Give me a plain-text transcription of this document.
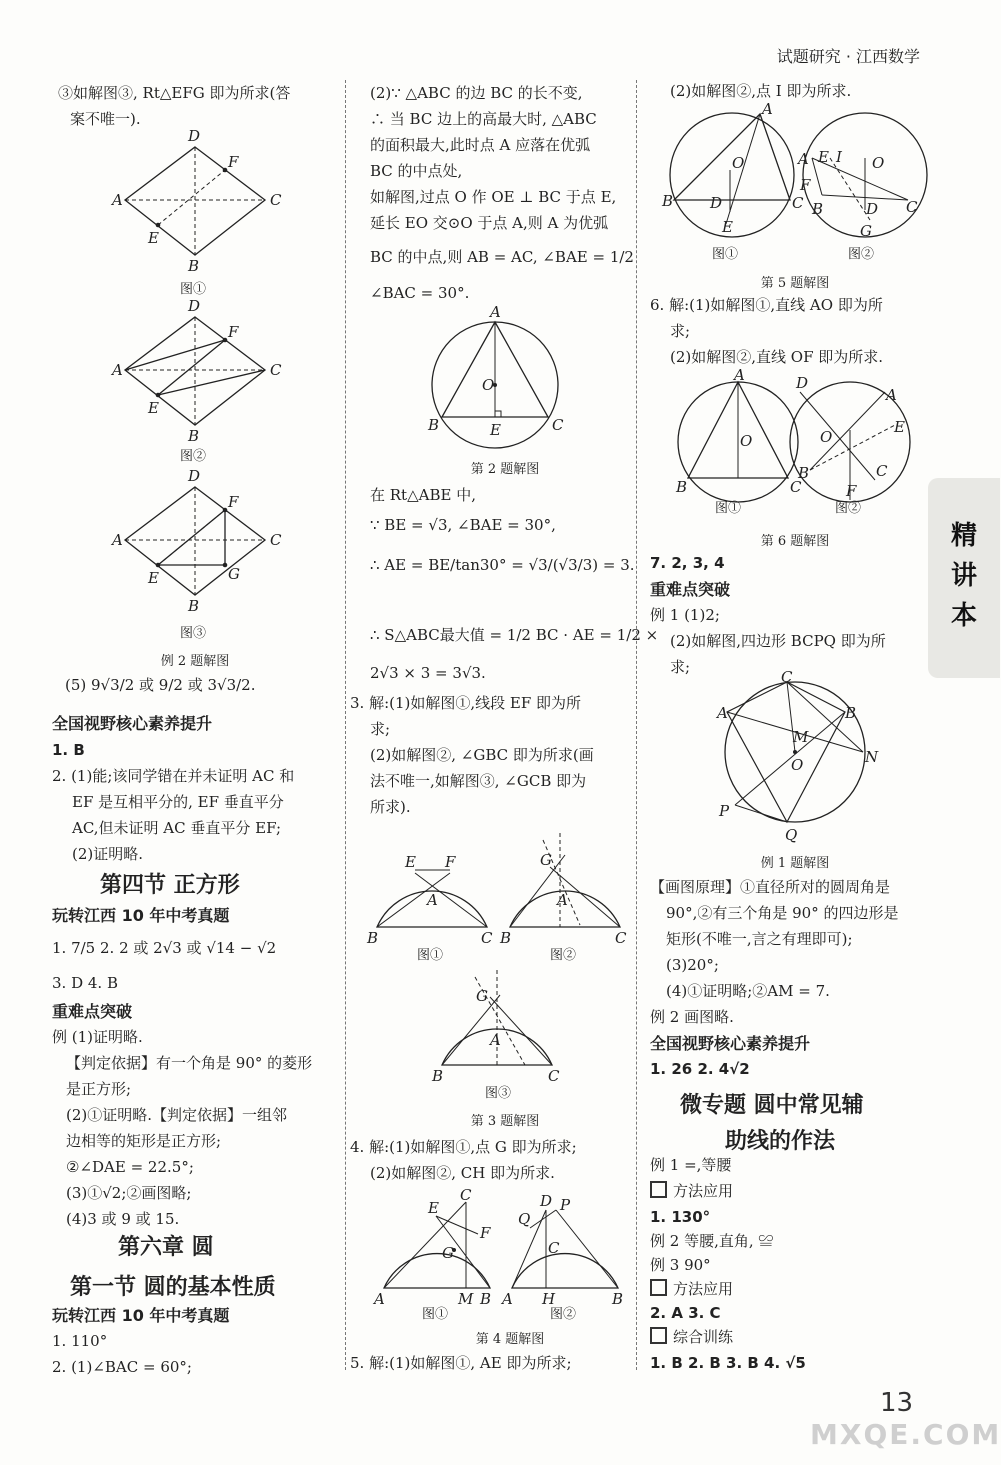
试题研究 · 江西数学
精
讲
本
③如解图③, Rt△EFG 即为所求(答
案不唯一).
D
F
A	C
E
B
图①
D
F
A	C
E
B
图②
D
F
A	C
E	G
B
图③
例 2 题解图
(5) 9√3/2 或 9/2 或 3√3/2.
全国视野核心素养提升
1. B
2. (1)能;该同学错在并未证明 AC 和
EF 是互相平分的, EF 垂直平分
AC,但未证明 AC 垂直平分 EF;
(2)证明略.
第四节 正方形
玩转江西 10 年中考真题
1. 7/5 2. 2 或 2√3 或 √14 − √2
3. D 4. B
重难点突破
例 (1)证明略.
【判定依据】有一个角是 90° 的菱形
是正方形;
(2)①证明略.【判定依据】一组邻
边相等的矩形是正方形;
②∠DAE = 22.5°;
(3)①√2;②画图略;
(4)3 或 9 或 15.
第六章 圆
第一节 圆的基本性质
玩转江西 10 年中考真题
1. 110°
2. (1)∠BAC = 60°;
(2)∵ △ABC 的边 BC 的长不变,
∴ 当 BC 边上的高最大时, △ABC
的面积最大,此时点 A 应落在优弧
BC 的中点处,
如解图,过点 O 作 OE ⊥ BC 于点 E,
延长 EO 交⊙O 于点 A,则 A 为优弧
BC 的中点,则 AB = AC, ∠BAE = 1/2
∠BAC = 30°.
A
O
B	E	C
第 2 题解图
在 Rt△ABE 中,
∵ BE = √3, ∠BAE = 30°,
∴ AE = BE/tan30° = √3/(√3/3) = 3.
∴ S△ABC最大值 = 1/2 BC · AE = 1/2 ×
2√3 × 3 = 3√3.
3. 解:(1)如解图①,线段 EF 即为所
求;
(2)如解图②, ∠GBC 即为所求(画
法不唯一,如解图③, ∠GCB 即为
所求).
E F
A
B	C
图①
G
A
B	C
图②
G
A
B	C
图③
第 3 题解图
4. 解:(1)如解图①,点 G 即为所求;
(2)如解图②, CH 即为所求.
C
E
F
G
A	M B
图①
Q
D P
C
A H	B
图②
第 4 题解图
5. 解:(1)如解图①, AE 即为所求;
(2)如解图②,点 I 即为所求.
A
O
B D	C
E
图①
A E I O
F
B	D C
G
图②
第 5 题解图
6. 解:(1)如解图①,直线 AO 即为所
求;
(2)如解图②,直线 OF 即为所求.
A
O
B	C
图①
D
A
O
E
B	C
F
图②
第 6 题解图
7. 2, 3, 4
重难点突破
例 1 (1)2;
(2)如解图,四边形 BCPQ 即为所
求;
C
A	B
M
O	N
P
Q
例 1 题解图
【画图原理】①直径所对的圆周角是
90°,②有三个角是 90° 的四边形是
矩形(不唯一,言之有理即可);
(3)20°;
(4)①证明略;②AM = 7.
例 2 画图略.
全国视野核心素养提升
1. 26 2. 4√2
微专题 圆中常见辅
助线的作法
例 1 =,等腰
方法应用
1. 130°
例 2 等腰,直角, ≌
例 3 90°
方法应用
2. A 3. C
综合训练
1. B 2. B 3. B 4. √5
13
MXQE.COM
